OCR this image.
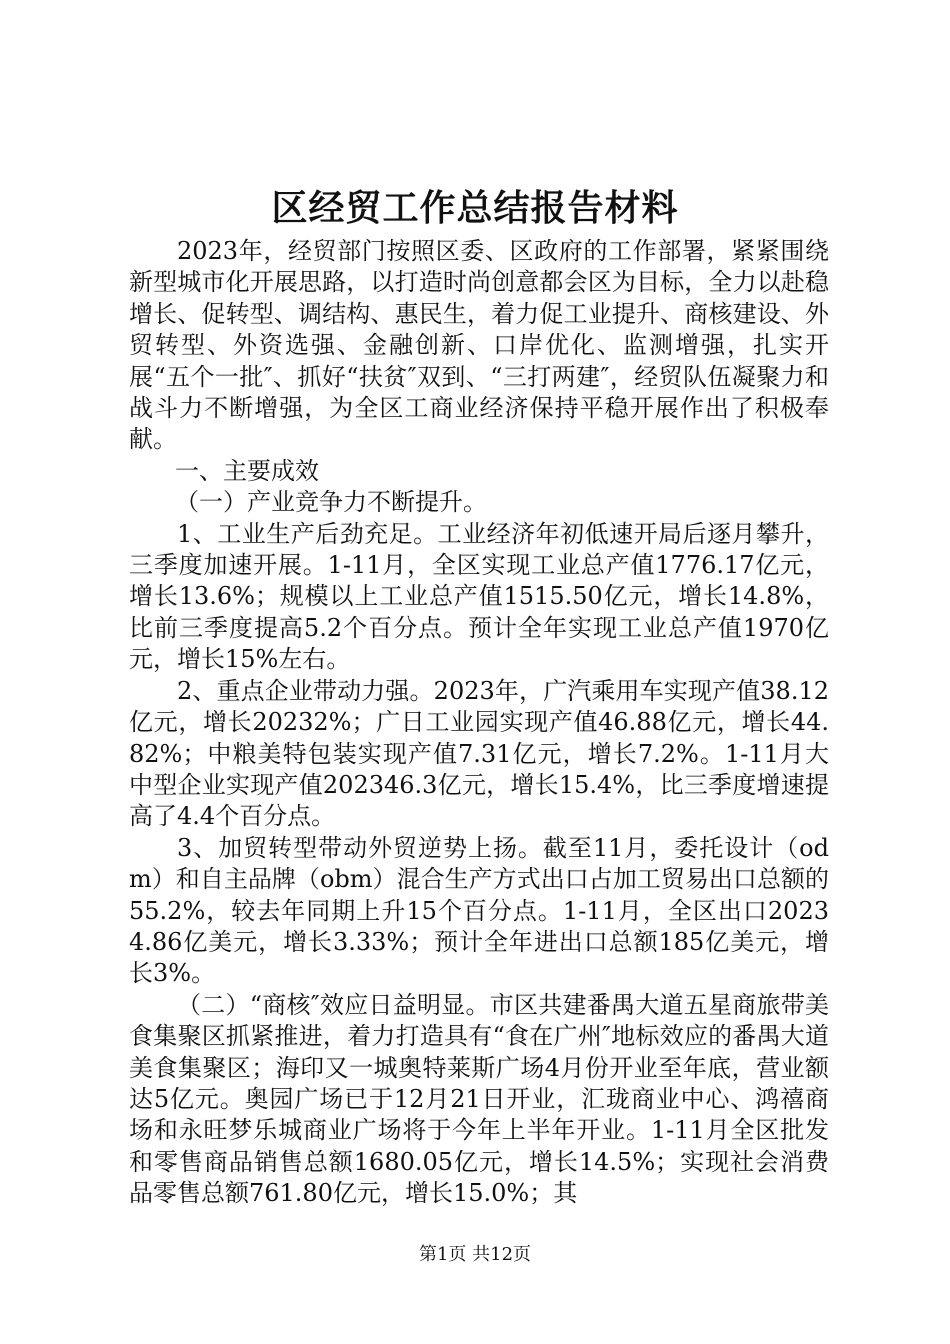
区经贸工作总结报告材料

2023年，经贸部门按照区委、区政府的工作部署，紧紧围绕新型城市化开展思路，以打造时尚创意都会区为目标，全力以赴稳增长、促转型、调结构、惠民生，着力促工业提升、商核建设、外贸转型、外资选强、金融创新、口岸优化、监测增强，扎实开展“五个一批″、抓好“扶贫″双到、“三打两建″，经贸队伍凝聚力和战斗力不断增强，为全区工商业经济保持平稳开展作出了积极奉献。

一、主要成效

（一）产业竞争力不断提升。

1、工业生产后劲充足。工业经济年初低速开局后逐月攀升，三季度加速开展。1-11月，全区实现工业总产值1776.17亿元，增长13.6%；规模以上工业总产值1515.50亿元，增长14.8%，比前三季度提高5.2个百分点。预计全年实现工业总产值1970亿元，增长15%左右。

2、重点企业带动力强。2023年，广汽乘用车实现产值38.12亿元，增长20232%；广日工业园实现产值46.88亿元，增长44.82%；中粮美特包装实现产值7.31亿元，增长7.2%。1-11月大中型企业实现产值202346.3亿元，增长15.4%，比三季度增速提高了4.4个百分点。

3、加贸转型带动外贸逆势上扬。截至11月，委托设计（odm）和自主品牌（obm）混合生产方式出口占加工贸易出口总额的55.2%，较去年同期上升15个百分点。1-11月，全区出口20234.86亿美元，增长3.33%；预计全年进出口总额185亿美元，增长3%。

（二）“商核″效应日益明显。市区共建番禺大道五星商旅带美食集聚区抓紧推进，着力打造具有“食在广州″地标效应的番禺大道美食集聚区；海印又一城奥特莱斯广场4月份开业至年底，营业额达5亿元。奥园广场已于12月21日开业，汇珑商业中心、鸿禧商场和永旺梦乐城商业广场将于今年上半年开业。1-11月全区批发和零售商品销售总额1680.05亿元，增长14.5%；实现社会消费品零售总额761.80亿元，增长15.0%；其

第1页 共12页
